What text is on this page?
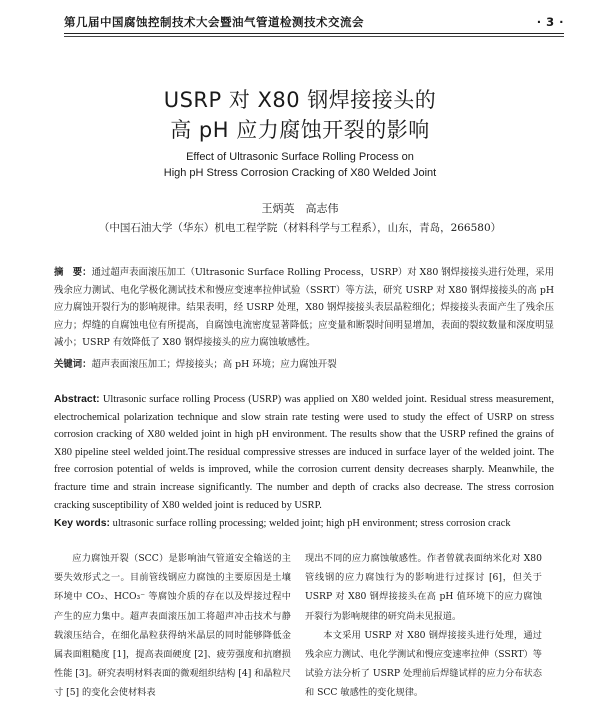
第几届中国腐蚀控制技术大会暨油气管道检测技术交流会	· 3 ·
USRP 对 X80 钢焊接接头的
高 pH 应力腐蚀开裂的影响
Effect of Ultrasonic Surface Rolling Process on
High pH Stress Corrosion Cracking of X80 Welded Joint
王炳英　高志伟
（中国石油大学（华东）机电工程学院（材料科学与工程系），山东，青岛，266580）
摘　要：通过超声表面滚压加工（Ultrasonic Surface Rolling Process，USRP）对 X80 钢焊接接头进行处理，采用残余应力测试、电化学极化测试技术和慢应变速率拉伸试验（SSRT）等方法，研究 USRP 对 X80 钢焊接接头的高 pH 应力腐蚀开裂行为的影响规律。结果表明，经 USRP 处理，X80 钢焊接接头表层晶粒细化；焊接接头表面产生了残余压应力；焊缝的自腐蚀电位有所提高，自腐蚀电流密度显著降低；应变量和断裂时间明显增加，表面的裂纹数量和深度明显减小；USRP 有效降低了 X80 钢焊接接头的应力腐蚀敏感性。
关键词：超声表面滚压加工；焊接接头；高 pH 环境；应力腐蚀开裂
Abstract: Ultrasonic surface rolling Process (USRP) was applied on X80 welded joint. Residual stress measurement, electrochemical polarization technique and slow strain rate testing were used to study the effect of USRP on stress corrosion cracking of X80 welded joint in high pH environment. The results show that the USRP refined the grains of X80 pipeline steel welded joint.The residual compressive stresses are induced in surface layer of the welded joint. The free corrosion potential of welds is improved, while the corrosion current density decreases sharply. Meanwhile, the fracture time and strain increase significantly. The number and depth of cracks also decrease. The stress corrosion cracking susceptibility of X80 welded joint is reduced by USRP.
Key words: ultrasonic surface rolling processing; welded joint; high pH environment; stress corrosion crack
应力腐蚀开裂（SCC）是影响油气管道安全输送的主要失效形式之一。目前管线钢应力腐蚀的主要原因是土壤环境中 CO₂、HCO₃⁻ 等腐蚀介质的存在以及焊接过程中产生的应力集中。超声表面滚压加工将超声冲击技术与静载滚压结合，在细化晶粒获得纳米晶层的同时能够降低金属表面粗糙度 [1]，提高表面硬度 [2]、疲劳强度和抗磨损性能 [3]。研究表明材料表面的微观组织结构 [4] 和晶粒尺寸 [5] 的变化会使材料表
现出不同的应力腐蚀敏感性。作者曾就表面纳米化对 X80 管线钢的应力腐蚀行为的影响进行过探讨 [6]，但关于 USRP 对 X80 钢焊接接头在高 pH 值环境下的应力腐蚀开裂行为影响规律的研究尚未见报道。
本文采用 USRP 对 X80 钢焊接接头进行处理，通过残余应力测试、电化学测试和慢应变速率拉伸（SSRT）等试验方法分析了 USRP 处理前后焊缝试样的应力分布状态和 SCC 敏感性的变化规律。
